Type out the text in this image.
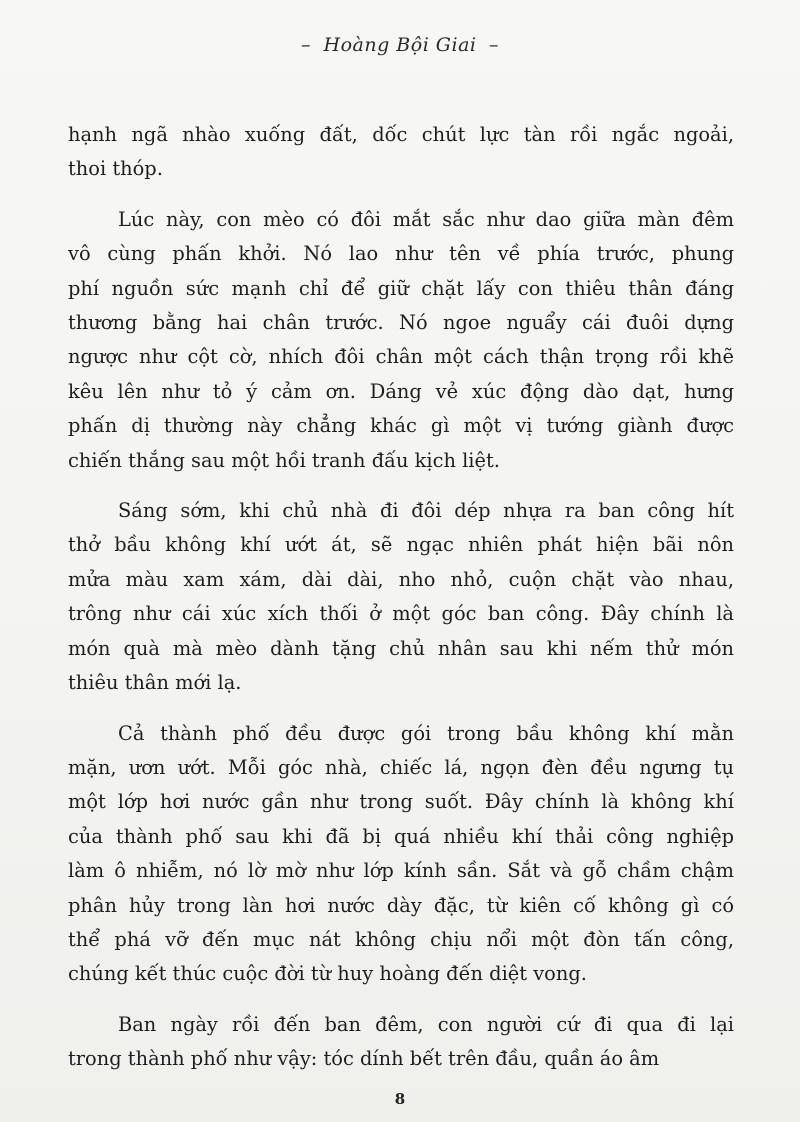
– Hoàng Bội Giai –
hạnh ngã nhào xuống đất, dốc chút lực tàn rồi ngắc ngoải,
thoi thóp.
Lúc này, con mèo có đôi mắt sắc như dao giữa màn đêm
vô cùng phấn khởi. Nó lao như tên về phía trước, phung
phí nguồn sức mạnh chỉ để giữ chặt lấy con thiêu thân đáng
thương bằng hai chân trước. Nó ngoe nguẩy cái đuôi dựng
ngược như cột cờ, nhích đôi chân một cách thận trọng rồi khẽ
kêu lên như tỏ ý cảm ơn. Dáng vẻ xúc động dào dạt, hưng
phấn dị thường này chẳng khác gì một vị tướng giành được
chiến thắng sau một hồi tranh đấu kịch liệt.
Sáng sớm, khi chủ nhà đi đôi dép nhựa ra ban công hít
thở bầu không khí ướt át, sẽ ngạc nhiên phát hiện bãi nôn
mửa màu xam xám, dài dài, nho nhỏ, cuộn chặt vào nhau,
trông như cái xúc xích thối ở một góc ban công. Đây chính là
món quà mà mèo dành tặng chủ nhân sau khi nếm thử món
thiêu thân mới lạ.
Cả thành phố đều được gói trong bầu không khí mằn
mặn, ươn ướt. Mỗi góc nhà, chiếc lá, ngọn đèn đều ngưng tụ
một lớp hơi nước gần như trong suốt. Đây chính là không khí
của thành phố sau khi đã bị quá nhiều khí thải công nghiệp
làm ô nhiễm, nó lờ mờ như lớp kính sần. Sắt và gỗ chầm chậm
phân hủy trong làn hơi nước dày đặc, từ kiên cố không gì có
thể phá vỡ đến mục nát không chịu nổi một đòn tấn công,
chúng kết thúc cuộc đời từ huy hoàng đến diệt vong.
Ban ngày rồi đến ban đêm, con người cứ đi qua đi lại
trong thành phố như vậy: tóc dính bết trên đầu, quần áo âm
8
